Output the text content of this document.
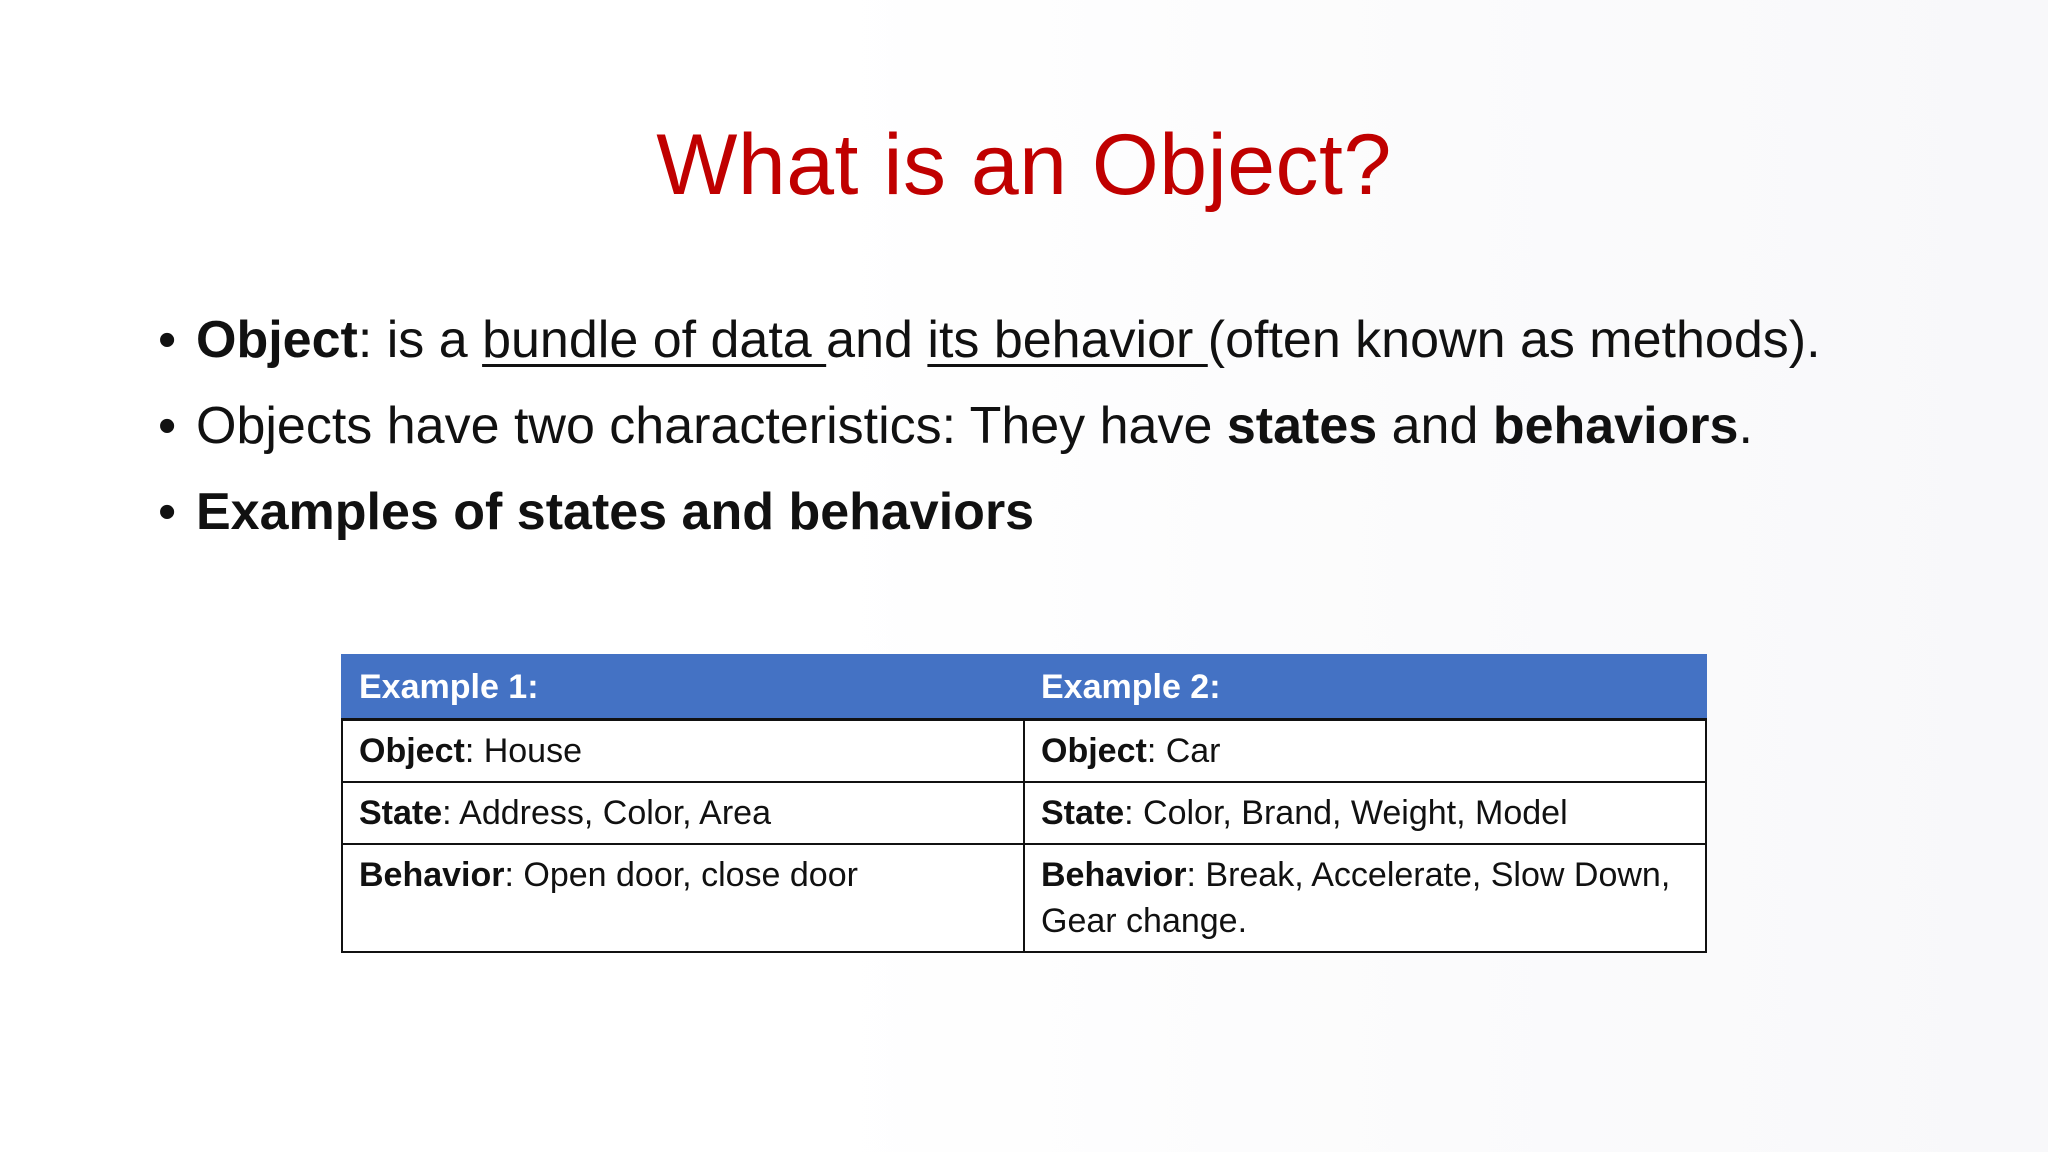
What is an Object?
• Object: is a bundle of data and its behavior (often known as methods).
• Objects have two characteristics: They have states and behaviors.
• Examples of states and behaviors
Example 1:	Example 2:
Object: House	Object: Car
State: Address, Color, Area	State: Color, Brand, Weight, Model
Behavior: Open door, close door	Behavior: Break, Accelerate, Slow Down, Gear change.
